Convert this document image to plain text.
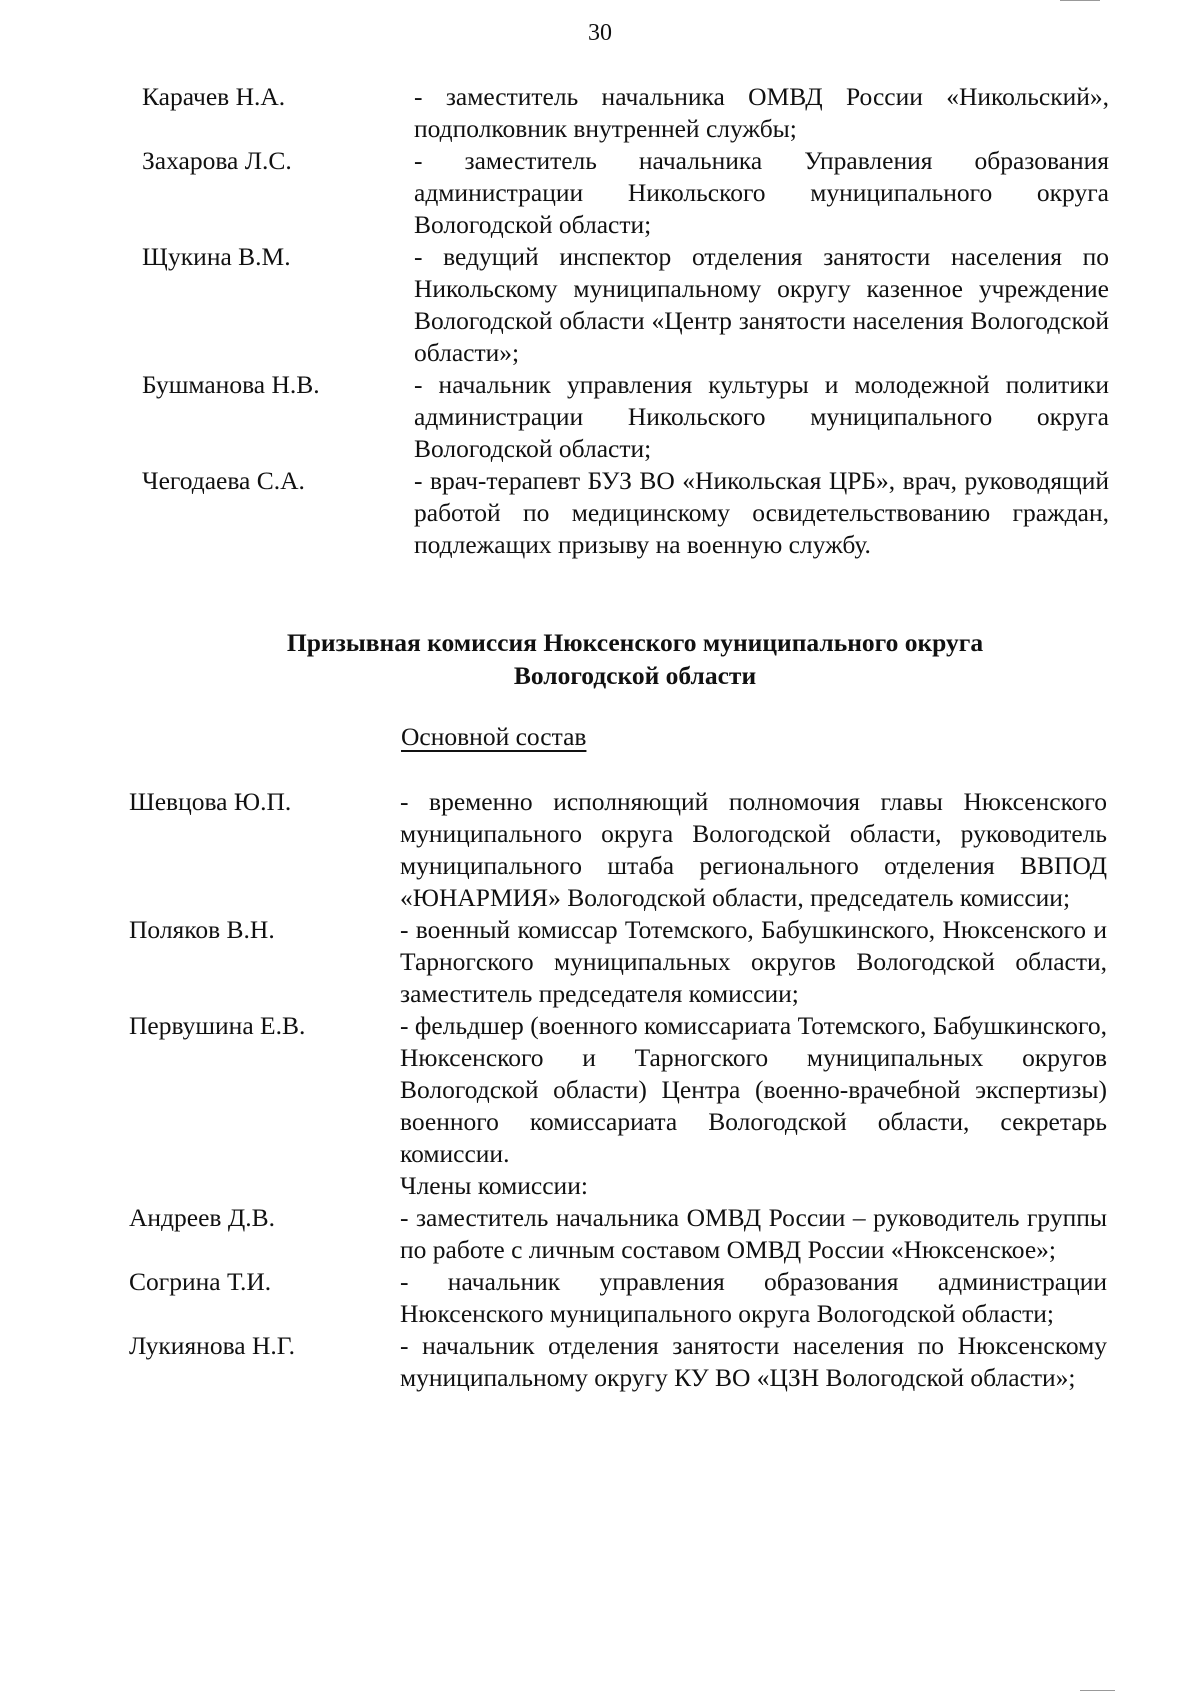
30
Карачев Н.А.	- заместитель начальника ОМВД России «Никольский», подполковник внутренней службы;
Захарова Л.С.	- заместитель начальника Управления образования администрации Никольского муниципального округа Вологодской области;
Щукина В.М.	- ведущий инспектор отделения занятости населения по Никольскому муниципальному округу казенное учреждение Вологодской области «Центр занятости населения Вологодской области»;
Бушманова Н.В.	- начальник управления культуры и молодежной политики администрации Никольского муниципального округа Вологодской области;
Чегодаева С.А.	- врач-терапевт БУЗ ВО «Никольская ЦРБ», врач, руководящий работой по медицинскому освидетельствованию граждан, подлежащих призыву на военную службу.
Призывная комиссия Нюксенского муниципального округа
Вологодской области
Основной состав
Шевцова Ю.П.	- временно исполняющий полномочия главы Нюксенского муниципального округа Вологодской области, руководитель муниципального штаба регионального отделения ВВПОД «ЮНАРМИЯ» Вологодской области, председатель комиссии;
Поляков В.Н.	- военный комиссар Тотемского, Бабушкинского, Нюксенского и Тарногского муниципальных округов Вологодской области, заместитель председателя комиссии;
Первушина Е.В.	- фельдшер (военного комиссариата Тотемского, Бабушкинского, Нюксенского и Тарногского муниципальных округов Вологодской области) Центра (военно-врачебной экспертизы) военного комиссариата Вологодской области, секретарь комиссии.
Члены комиссии:
Андреев Д.В.	- заместитель начальника ОМВД России – руководитель группы по работе с личным составом ОМВД России «Нюксенское»;
Согрина Т.И.	- начальник управления образования администрации Нюксенского муниципального округа Вологодской области;
Лукиянова Н.Г.	- начальник отделения занятости населения по Нюксенскому муниципальному округу КУ ВО «ЦЗН Вологодской области»;
